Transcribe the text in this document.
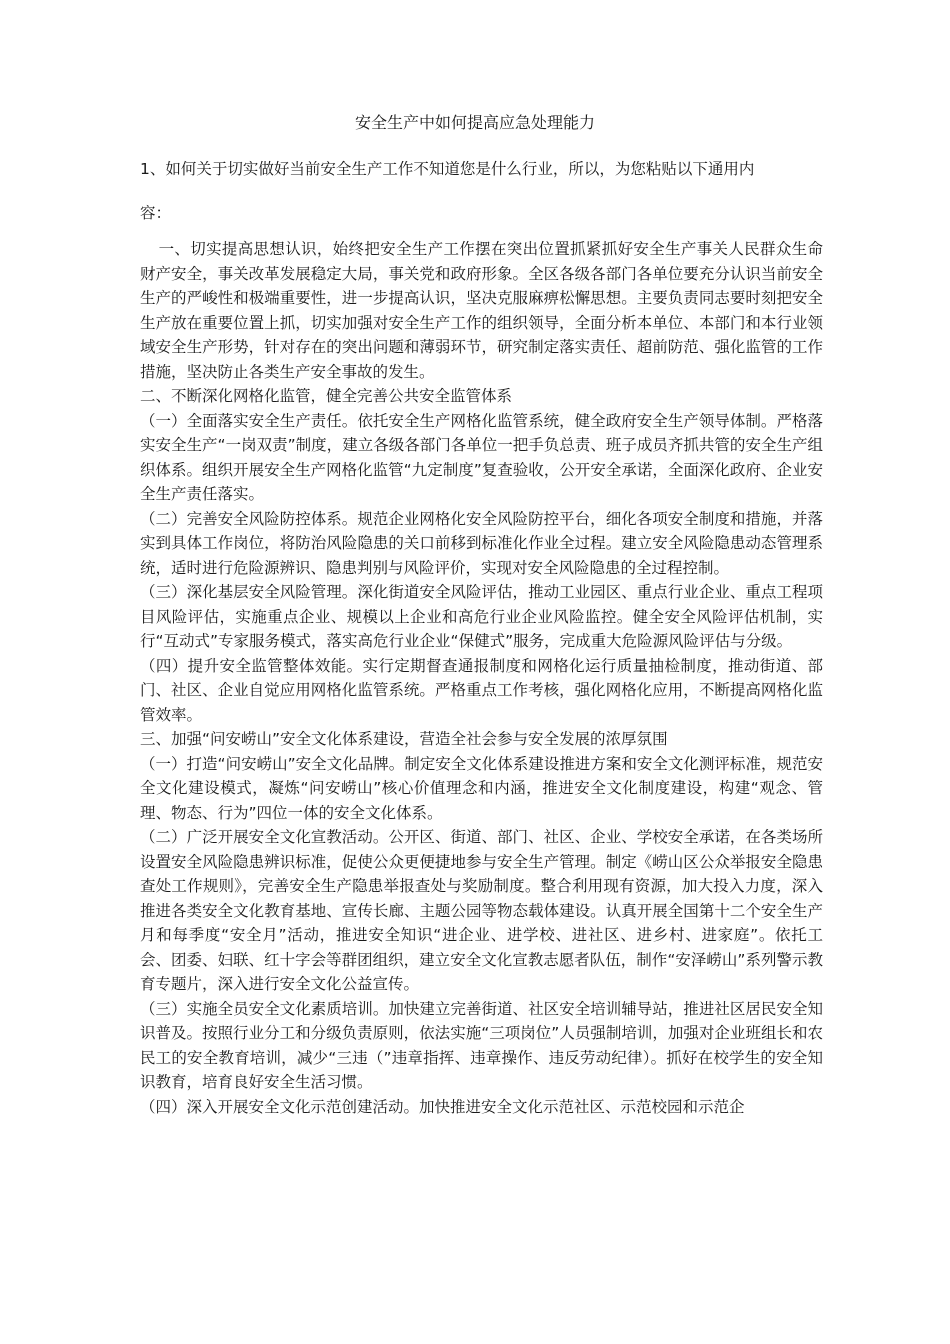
安全生产中如何提高应急处理能力
1、如何关于切实做好当前安全生产工作不知道您是什么行业，所以，为您粘贴以下通用内
容：

一、切实提高思想认识，始终把安全生产工作摆在突出位置抓紧抓好安全生产事关人民群众生命财产安全，事关改革发展稳定大局，事关党和政府形象。全区各级各部门各单位要充分认识当前安全生产的严峻性和极端重要性，进一步提高认识，坚决克服麻痹松懈思想。主要负责同志要时刻把安全生产放在重要位置上抓，切实加强对安全生产工作的组织领导，全面分析本单位、本部门和本行业领域安全生产形势，针对存在的突出问题和薄弱环节，研究制定落实责任、超前防范、强化监管的工作措施，坚决防止各类生产安全事故的发生。

二、不断深化网格化监管，健全完善公共安全监管体系

（一）全面落实安全生产责任。依托安全生产网格化监管系统，健全政府安全生产领导体制。严格落实安全生产“一岗双责”制度，建立各级各部门各单位一把手负总责、班子成员齐抓共管的安全生产组织体系。组织开展安全生产网格化监管“九定制度”复查验收，公开安全承诺，全面深化政府、企业安全生产责任落实。

（二）完善安全风险防控体系。规范企业网格化安全风险防控平台，细化各项安全制度和措施，并落实到具体工作岗位，将防治风险隐患的关口前移到标准化作业全过程。建立安全风险隐患动态管理系统，适时进行危险源辨识、隐患判别与风险评价，实现对安全风险隐患的全过程控制。

（三）深化基层安全风险管理。深化街道安全风险评估，推动工业园区、重点行业企业、重点工程项目风险评估，实施重点企业、规模以上企业和高危行业企业风险监控。健全安全风险评估机制，实行“互动式”专家服务模式，落实高危行业企业“保健式”服务，完成重大危险源风险评估与分级。

（四）提升安全监管整体效能。实行定期督查通报制度和网格化运行质量抽检制度，推动街道、部门、社区、企业自觉应用网格化监管系统。严格重点工作考核，强化网格化应用，不断提高网格化监管效率。

三、加强“问安崂山”安全文化体系建设，营造全社会参与安全发展的浓厚氛围

（一）打造“问安崂山”安全文化品牌。制定安全文化体系建设推进方案和安全文化测评标准，规范安全文化建设模式，凝炼“问安崂山”核心价值理念和内涵，推进安全文化制度建设，构建“观念、管理、物态、行为”四位一体的安全文化体系。

（二）广泛开展安全文化宣教活动。公开区、街道、部门、社区、企业、学校安全承诺，在各类场所设置安全风险隐患辨识标准，促使公众更便捷地参与安全生产管理。制定《崂山区公众举报安全隐患查处工作规则》，完善安全生产隐患举报查处与奖励制度。整合利用现有资源，加大投入力度，深入推进各类安全文化教育基地、宣传长廊、主题公园等物态载体建设。认真开展全国第十二个安全生产月和每季度“安全月”活动，推进安全知识“进企业、进学校、进社区、进乡村、进家庭”。依托工会、团委、妇联、红十字会等群团组织，建立安全文化宣教志愿者队伍，制作“安泽崂山”系列警示教育专题片，深入进行安全文化公益宣传。

（三）实施全员安全文化素质培训。加快建立完善街道、社区安全培训辅导站，推进社区居民安全知识普及。按照行业分工和分级负责原则，依法实施“三项岗位”人员强制培训，加强对企业班组长和农民工的安全教育培训，减少“三违（”违章指挥、违章操作、违反劳动纪律）。抓好在校学生的安全知识教育，培育良好安全生活习惯。

（四）深入开展安全文化示范创建活动。加快推进安全文化示范社区、示范校园和示范企
